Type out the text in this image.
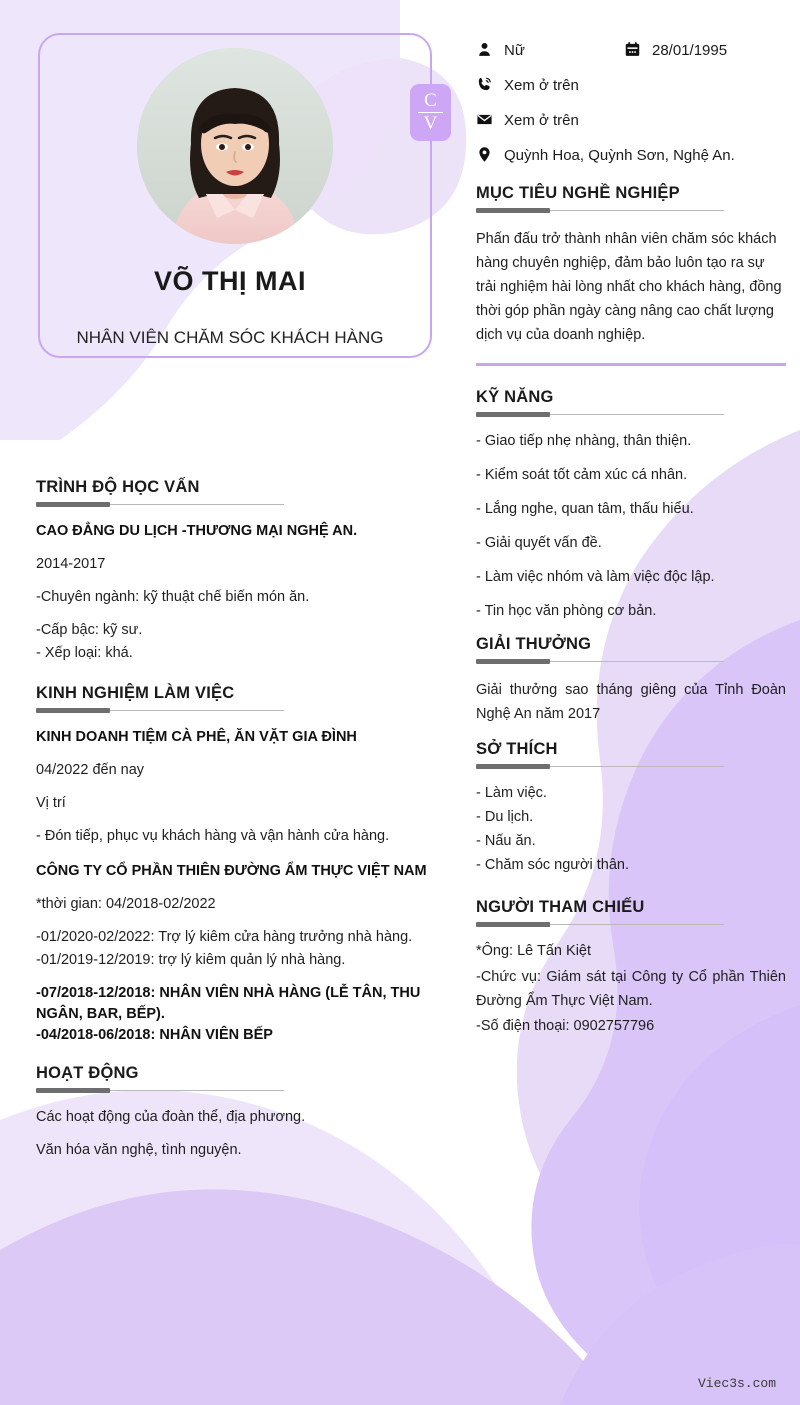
C
V
VÕ THỊ MAI
NHÂN VIÊN CHĂM SÓC KHÁCH HÀNG
TRÌNH ĐỘ HỌC VẤN
CAO ĐẲNG DU LỊCH -THƯƠNG MẠI NGHỆ AN.
2014-2017
-Chuyên ngành: kỹ thuật chế biến món ăn.
-Cấp bậc: kỹ sư.
- Xếp loại: khá.
KINH NGHIỆM LÀM VIỆC
KINH DOANH TIỆM CÀ PHÊ, ĂN VẶT GIA ĐÌNH
04/2022 đến nay
Vị trí
- Đón tiếp, phục vụ khách hàng và vận hành cửa hàng.
CÔNG TY CỔ PHẦN THIÊN ĐƯỜNG ẨM THỰC VIỆT NAM
*thời gian: 04/2018-02/2022
-01/2020-02/2022: Trợ lý kiêm cửa hàng trưởng nhà hàng.
-01/2019-12/2019: trợ lý kiêm quản lý nhà hàng.
-07/2018-12/2018: NHÂN VIÊN NHÀ HÀNG (LỄ TÂN, THU NGÂN, BAR, BẾP).
-04/2018-06/2018: NHÂN VIÊN BẾP
HOẠT ĐỘNG
Các hoạt động của đoàn thể, địa phương.
Văn hóa văn nghệ, tình nguyện.
Nữ	28/01/1995
Xem ở trên
Xem ở trên
Quỳnh Hoa, Quỳnh Sơn, Nghệ An.
MỤC TIÊU NGHỀ NGHIỆP
Phấn đấu trở thành nhân viên chăm sóc khách hàng chuyên nghiệp, đảm bảo luôn tạo ra sự trải nghiệm hài lòng nhất cho khách hàng, đồng thời góp phần ngày càng nâng cao chất lượng dịch vụ của doanh nghiệp.
KỸ NĂNG
- Giao tiếp nhẹ nhàng, thân thiện.
- Kiểm soát tốt cảm xúc cá nhân.
- Lắng nghe, quan tâm, thấu hiểu.
- Giải quyết vấn đề.
- Làm việc nhóm và làm việc độc lập.
- Tin học văn phòng cơ bản.
GIẢI THƯỞNG
Giải thưởng sao tháng giêng của Tỉnh Đoàn Nghệ An năm 2017
SỞ THÍCH
- Làm việc.
- Du lịch.
- Nấu ăn.
- Chăm sóc người thân.
NGƯỜI THAM CHIẾU
*Ông: Lê Tấn Kiệt
-Chức vụ: Giám sát tại Công ty Cổ phần Thiên Đường Ẩm Thực Việt Nam.
-Số điện thoại: 0902757796
Viec3s.com
